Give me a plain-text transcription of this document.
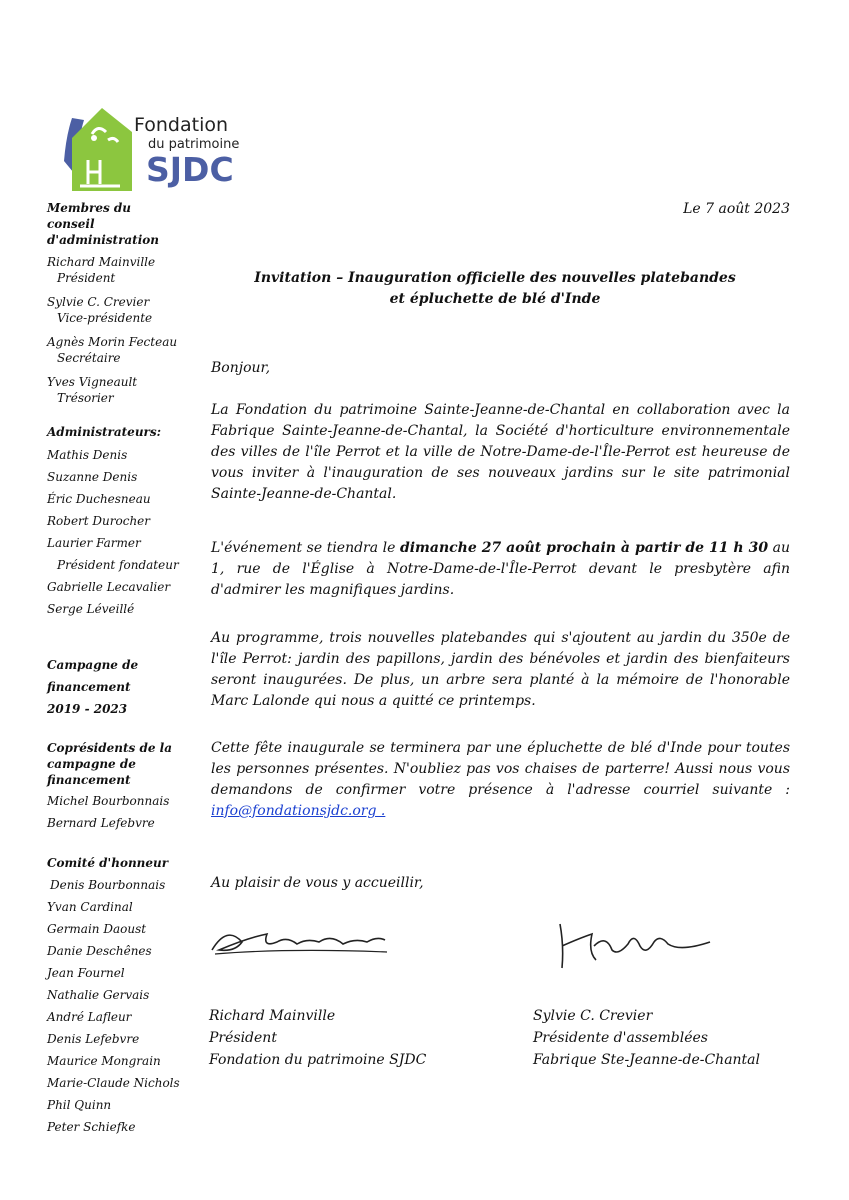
Fondation
du patrimoine
SJDC
Membres du
conseil d'administration
Richard Mainville
Président
Sylvie C. Crevier
Vice-présidente
Agnès Morin Fecteau
Secrétaire
Yves Vigneault
Trésorier
Administrateurs:
Mathis Denis
Suzanne Denis
Éric Duchesneau
Robert Durocher
Laurier Farmer
Président fondateur
Gabrielle Lecavalier
Serge Léveillé
Campagne de financement
2019 - 2023
Coprésidents de la
campagne de financement
Michel Bourbonnais
Bernard Lefebvre
Comité d'honneur
Denis Bourbonnais
Yvan Cardinal
Germain Daoust
Danie Deschênes
Jean Fournel
Nathalie Gervais
André Lafleur
Denis Lefebvre
Maurice Mongrain
Marie-Claude Nichols
Phil Quinn
Peter Schiefke
Le 7 août 2023
Invitation – Inauguration officielle des nouvelles platebandes
et épluchette de blé d'Inde
Bonjour,
La Fondation du patrimoine Sainte-Jeanne-de-Chantal en collaboration avec la Fabrique Sainte-Jeanne-de-Chantal, la Société d'horticulture environnementale des villes de l'île Perrot et la ville de Notre-Dame-de-l'Île-Perrot est heureuse de vous inviter à l'inauguration de ses nouveaux jardins sur le site patrimonial Sainte-Jeanne-de-Chantal.
L'événement se tiendra le dimanche 27 août prochain à partir de 11 h 30 au 1, rue de l'Église à Notre-Dame-de-l'Île-Perrot devant le presbytère afin d'admirer les magnifiques jardins.
Au programme, trois nouvelles platebandes qui s'ajoutent au jardin du 350e de l'île Perrot: jardin des papillons, jardin des bénévoles et jardin des bienfaiteurs seront inaugurées. De plus, un arbre sera planté à la mémoire de l'honorable Marc Lalonde qui nous a quitté ce printemps.
Cette fête inaugurale se terminera par une épluchette de blé d'Inde pour toutes les personnes présentes. N'oubliez pas vos chaises de parterre! Aussi nous vous demandons de confirmer votre présence à l'adresse courriel suivante : info@fondationsjdc.org .
Au plaisir de vous y accueillir,
Richard Mainville
Président
Fondation du patrimoine SJDC
Sylvie C. Crevier
Présidente d'assemblées
Fabrique Ste-Jeanne-de-Chantal
